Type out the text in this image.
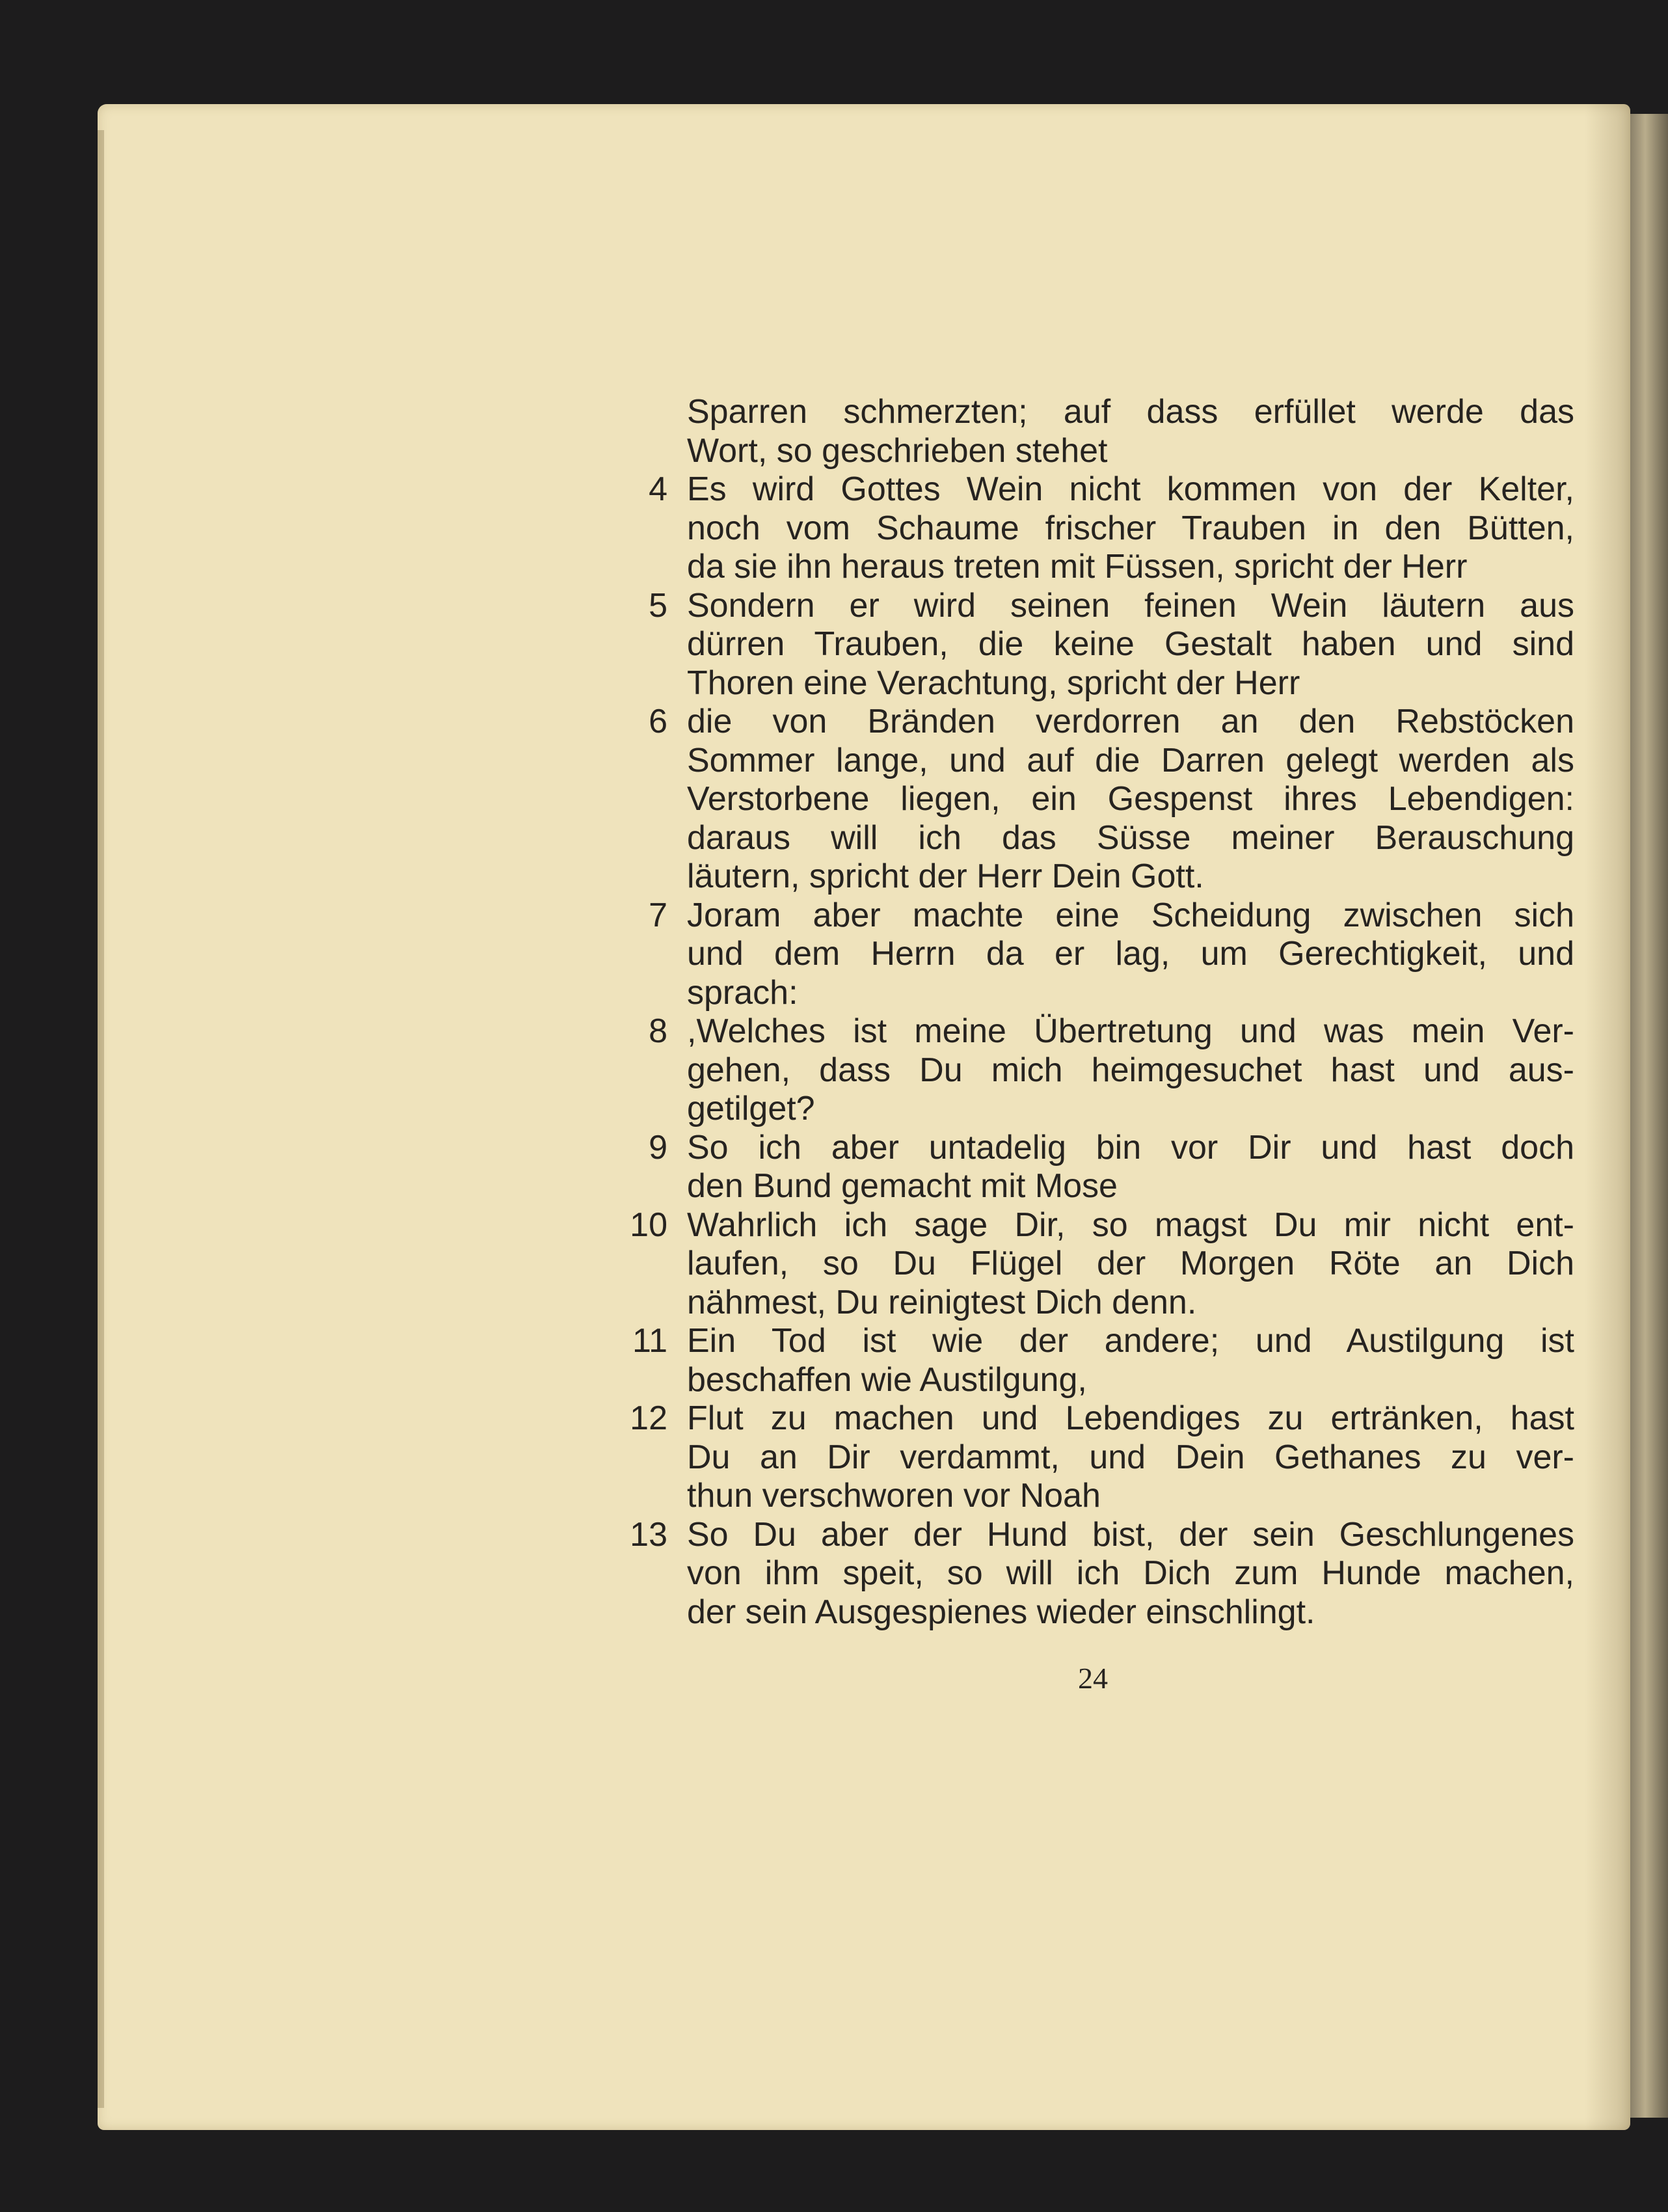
Sparren schmerzten; auf dass erfüllet werde das
Wort, so geschrieben stehet
4 Es wird Gottes Wein nicht kommen von der Kelter,
noch vom Schaume frischer Trauben in den Bütten,
da sie ihn heraus treten mit Füssen, spricht der Herr
5 Sondern er wird seinen feinen Wein läutern aus
dürren Trauben, die keine Gestalt haben und sind
Thoren eine Verachtung, spricht der Herr
6 die von Bränden verdorren an den Rebstöcken
Sommer lange, und auf die Darren gelegt werden als
Verstorbene liegen, ein Gespenst ihres Lebendigen:
daraus will ich das Süsse meiner Berauschung
läutern, spricht der Herr Dein Gott.
7 Joram aber machte eine Scheidung zwischen sich
und dem Herrn da er lag, um Gerechtigkeit, und
sprach:
8 ,Welches ist meine Übertretung und was mein Ver-
gehen, dass Du mich heimgesuchet hast und aus-
getilget?
9 So ich aber untadelig bin vor Dir und hast doch
den Bund gemacht mit Mose
10 Wahrlich ich sage Dir, so magst Du mir nicht ent-
laufen, so Du Flügel der Morgen Röte an Dich
nähmest, Du reinigtest Dich denn.
11 Ein Tod ist wie der andere; und Austilgung ist
beschaffen wie Austilgung,
12 Flut zu machen und Lebendiges zu ertränken, hast
Du an Dir verdammt, und Dein Gethanes zu ver-
thun verschworen vor Noah
13 So Du aber der Hund bist, der sein Geschlungenes
von ihm speit, so will ich Dich zum Hunde machen,
der sein Ausgespienes wieder einschlingt.
24
